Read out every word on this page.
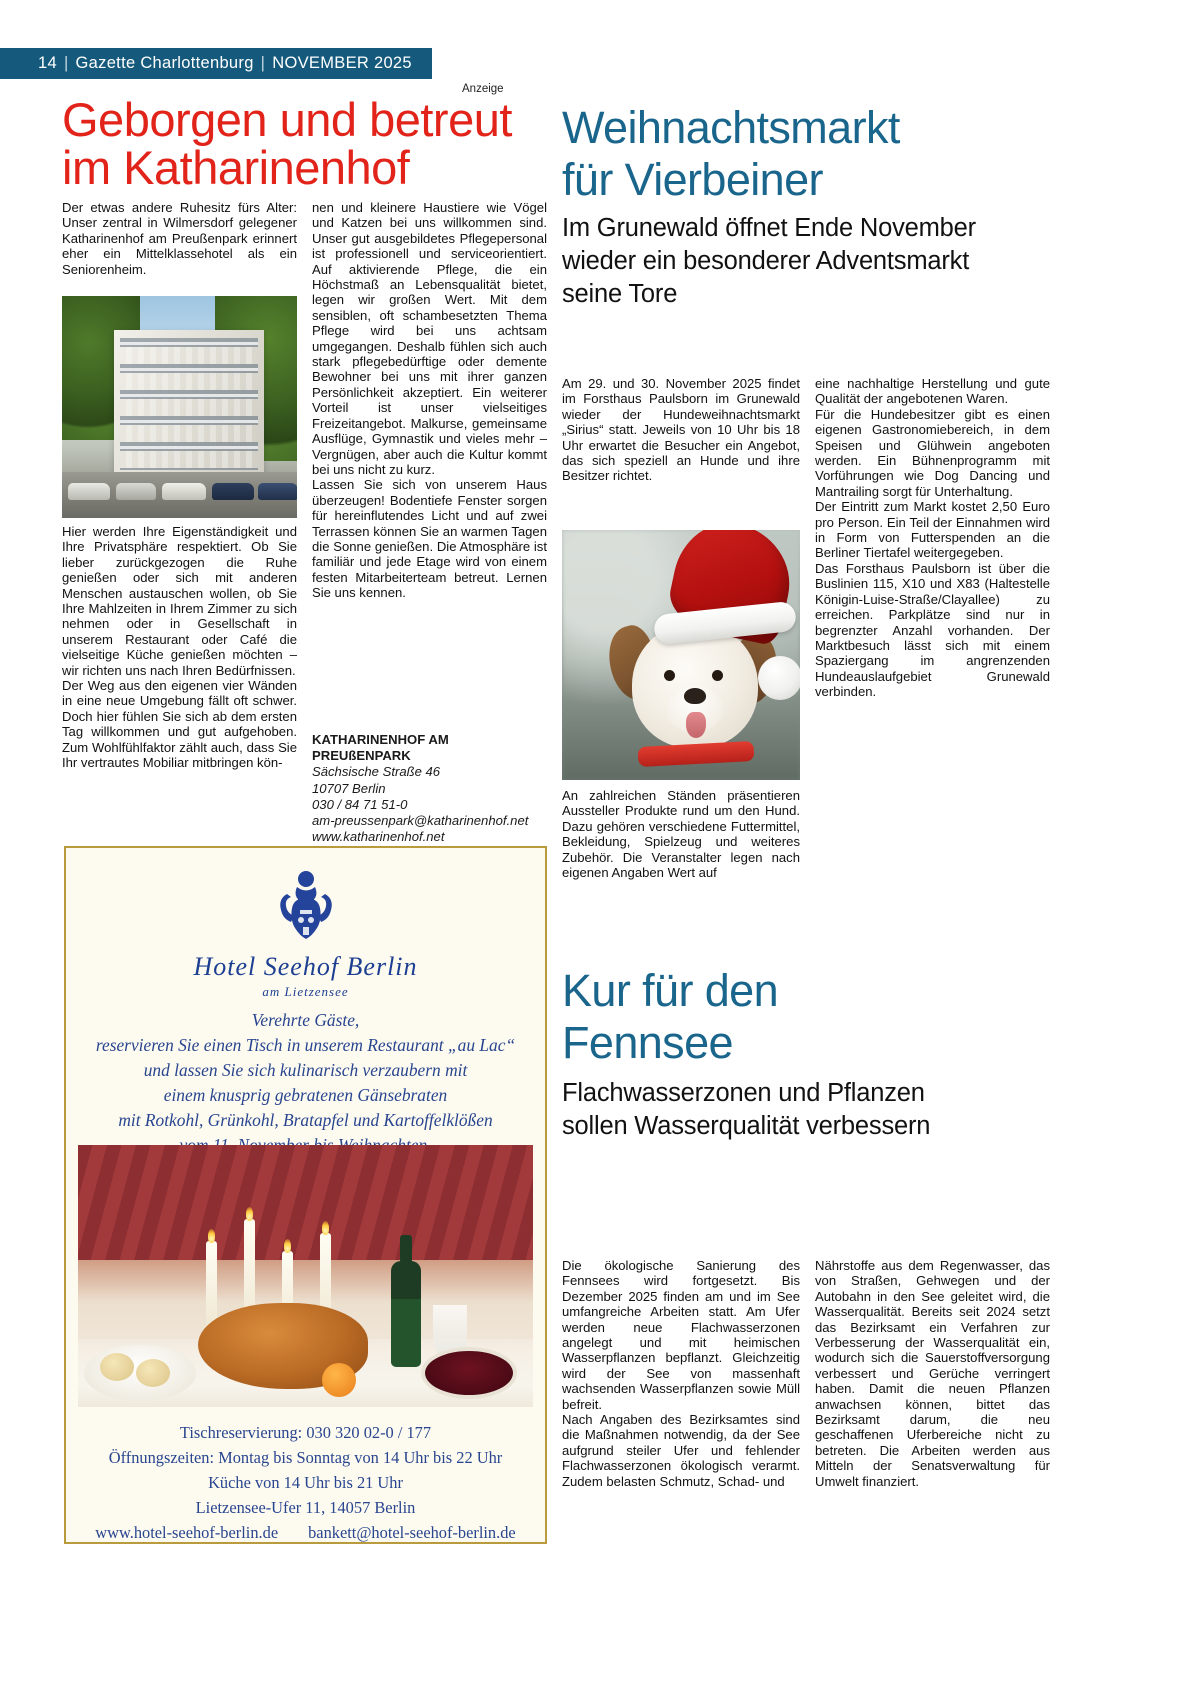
14 | Gazette Charlottenburg | NOVEMBER 2025
Anzeige
Geborgen und betreut
im Katharinenhof

Der etwas andere Ruhesitz fürs Alter: Unser zentral in Wilmersdorf gelegener Katharinenhof am Preußenpark erinnert eher ein Mittelklassehotel als ein Seniorenheim.

Hier werden Ihre Eigenständigkeit und Ihre Privatsphäre respektiert. Ob Sie lieber zurückgezogen die Ruhe genießen oder sich mit anderen Menschen austauschen wollen, ob Sie Ihre Mahlzeiten in Ihrem Zimmer zu sich nehmen oder in Gesellschaft in unserem Restaurant oder Café die vielseitige Küche genießen möchten – wir richten uns nach Ihren Bedürfnissen.

Der Weg aus den eigenen vier Wänden in eine neue Umgebung fällt oft schwer. Doch hier fühlen Sie sich ab dem ersten Tag willkommen und gut aufgehoben. Zum Wohlfühlfaktor zählt auch, dass Sie Ihr vertrautes Mobiliar mitbringen kön-

nen und kleinere Haustiere wie Vögel und Katzen bei uns willkommen sind. Unser gut ausgebildetes Pflegepersonal ist professionell und serviceorientiert. Auf aktivierende Pflege, die ein Höchstmaß an Lebensqualität bietet, legen wir großen Wert. Mit dem sensiblen, oft schambesetzten Thema Pflege wird bei uns achtsam umgegangen. Deshalb fühlen sich auch stark pflegebedürftige oder demente Bewohner bei uns mit ihrer ganzen Persönlichkeit akzeptiert. Ein weiterer Vorteil ist unser vielseitiges Freizeitangebot. Malkurse, gemeinsame Ausflüge, Gymnastik und vieles mehr – Vergnügen, aber auch die Kultur kommt bei uns nicht zu kurz.

Lassen Sie sich von unserem Haus überzeugen! Bodentiefe Fenster sorgen für hereinflutendes Licht und auf zwei Terrassen können Sie an warmen Tagen die Sonne genießen. Die Atmosphäre ist familiär und jede Etage wird von einem festen Mitarbeiterteam betreut. Lernen Sie uns kennen.

KATHARINENHOF AM PREUßENPARK
Sächsische Straße 46
10707 Berlin
030 / 84 71 51-0
am-preussenpark@katharinenhof.net
www.katharinenhof.net
Hotel Seehof Berlin
am Lietzensee
Verehrte Gäste,
reservieren Sie einen Tisch in unserem Restaurant „au Lac“
und lassen Sie sich kulinarisch verzaubern mit
einem knusprig gebratenen Gänsebraten
mit Rotkohl, Grünkohl, Bratapfel und Kartoffelklößen
Tischreservierung: 030 320 02-0 / 177
Öffnungszeiten: Montag bis Sonntag von 14 Uhr bis 22 Uhr
Küche von 14 Uhr bis 21 Uhr
Lietzensee-Ufer 11, 14057 Berlin
www.hotel-seehof-berlin.de bankett@hotel-seehof-berlin.de
Weihnachtsmarkt
für Vierbeiner
Im Grunewald öffnet Ende November
wieder ein besonderer Adventsmarkt
seine Tore

Am 29. und 30. November 2025 findet im Forsthaus Paulsborn im Grunewald wieder der Hundeweihnachtsmarkt „Sirius“ statt. Jeweils von 10 Uhr bis 18 Uhr erwartet die Besucher ein Angebot, das sich speziell an Hunde und ihre Besitzer richtet.

An zahlreichen Ständen präsentieren Aussteller Produkte rund um den Hund. Dazu gehören verschiedene Futtermittel, Bekleidung, Spielzeug und weiteres Zubehör. Die Veranstalter legen nach eigenen Angaben Wert auf

eine nachhaltige Herstellung und gute Qualität der angebotenen Waren.

Für die Hundebesitzer gibt es einen eigenen Gastronomiebereich, in dem Speisen und Glühwein angeboten werden. Ein Bühnenprogramm mit Vorführungen wie Dog Dancing und Mantrailing sorgt für Unterhaltung.

Der Eintritt zum Markt kostet 2,50 Euro pro Person. Ein Teil der Einnahmen wird in Form von Futterspenden an die Berliner Tiertafel weitergegeben.

Das Forsthaus Paulsborn ist über die Buslinien 115, X10 und X83 (Haltestelle Königin-Luise-Straße/Clayallee) zu erreichen. Parkplätze sind nur in begrenzter Anzahl vorhanden. Der Marktbesuch lässt sich mit einem Spaziergang im angrenzenden Hundeauslaufgebiet Grunewald verbinden.

Kur für den
Fennsee
Flachwasserzonen und Pflanzen
sollen Wasserqualität verbessern

Die ökologische Sanierung des Fennsees wird fortgesetzt. Bis Dezember 2025 finden am und im See umfangreiche Arbeiten statt. Am Ufer werden neue Flachwasserzonen angelegt und mit heimischen Wasserpflanzen bepflanzt. Gleichzeitig wird der See von massenhaft wachsenden Wasserpflanzen sowie Müll befreit.

Nach Angaben des Bezirksamtes sind die Maßnahmen notwendig, da der See aufgrund steiler Ufer und fehlender Flachwasserzonen ökologisch verarmt. Zudem belasten Schmutz, Schad- und

Nährstoffe aus dem Regenwasser, das von Straßen, Gehwegen und der Autobahn in den See geleitet wird, die Wasserqualität. Bereits seit 2024 setzt das Bezirksamt ein Verfahren zur Verbesserung der Wasserqualität ein, wodurch sich die Sauerstoffversorgung verbessert und Gerüche verringert haben. Damit die neuen Pflanzen anwachsen können, bittet das Bezirksamt darum, die neu geschaffenen Uferbereiche nicht zu betreten. Die Arbeiten werden aus Mitteln der Senatsverwaltung für Umwelt finanziert.
